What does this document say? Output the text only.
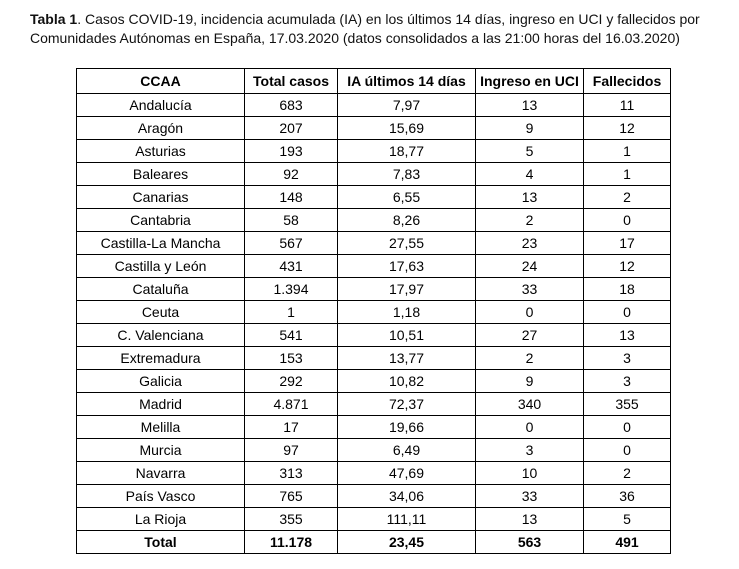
Tabla 1. Casos COVID-19, incidencia acumulada (IA) en los últimos 14 días, ingreso en UCI y fallecidos por Comunidades Autónomas en España, 17.03.2020 (datos consolidados a las 21:00 horas del 16.03.2020)
CCAA	Total casos	IA últimos 14 días	Ingreso en UCI	Fallecidos
Andalucía	683	7,97	13	11
Aragón	207	15,69	9	12
Asturias	193	18,77	5	1
Baleares	92	7,83	4	1
Canarias	148	6,55	13	2
Cantabria	58	8,26	2	0
Castilla-La Mancha	567	27,55	23	17
Castilla y León	431	17,63	24	12
Cataluña	1.394	17,97	33	18
Ceuta	1	1,18	0	0
C. Valenciana	541	10,51	27	13
Extremadura	153	13,77	2	3
Galicia	292	10,82	9	3
Madrid	4.871	72,37	340	355
Melilla	17	19,66	0	0
Murcia	97	6,49	3	0
Navarra	313	47,69	10	2
País Vasco	765	34,06	33	36
La Rioja	355	111,11	13	5
Total	11.178	23,45	563	491
